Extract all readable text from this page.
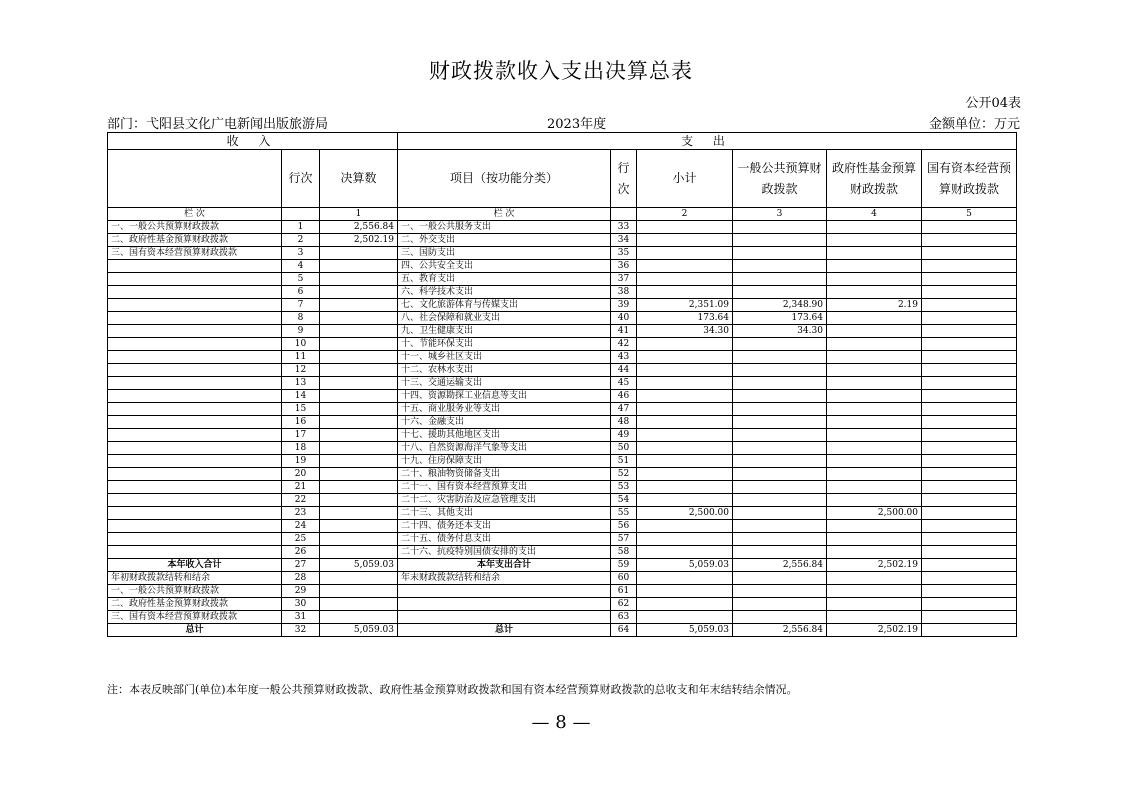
财政拨款收入支出决算总表
公开04表
部门：弋阳县文化广电新闻出版旅游局	2023年度	金额单位：万元
收 入			支 出					
	行次	决算数	项目（按功能分类）	行次	小计	一般公共预算财政拨款	政府性基金预算财政拨款	国有资本经营预算财政拨款
栏 次		1	栏 次		2	3	4	5
一、一般公共预算财政拨款	1	2,556.84	一、一般公共服务支出	33				
二、政府性基金预算财政拨款	2	2,502.19	二、外交支出	34				
三、国有资本经营预算财政拨款	3		三、国防支出	35				
	4		四、公共安全支出	36				
	5		五、教育支出	37				
	6		六、科学技术支出	38				
	7		七、文化旅游体育与传媒支出	39	2,351.09	2,348.90	2.19	
	8		八、社会保障和就业支出	40	173.64	173.64		
	9		九、卫生健康支出	41	34.30	34.30		
	10		十、节能环保支出	42				
	11		十一、城乡社区支出	43				
	12		十二、农林水支出	44				
	13		十三、交通运输支出	45				
	14		十四、资源勘探工业信息等支出	46				
	15		十五、商业服务业等支出	47				
	16		十六、金融支出	48				
	17		十七、援助其他地区支出	49				
	18		十八、自然资源海洋气象等支出	50				
	19		十九、住房保障支出	51				
	20		二十、粮油物资储备支出	52				
	21		二十一、国有资本经营预算支出	53				
	22		二十二、灾害防治及应急管理支出	54				
	23		二十三、其他支出	55	2,500.00		2,500.00	
	24		二十四、债务还本支出	56				
	25		二十五、债务付息支出	57				
	26		二十六、抗疫特别国债安排的支出	58				
本年收入合计	27	5,059.03	本年支出合计	59	5,059.03	2,556.84	2,502.19	
年初财政拨款结转和结余	28		年末财政拨款结转和结余	60				
一、一般公共预算财政拨款	29			61				
二、政府性基金预算财政拨款	30			62				
三、国有资本经营预算财政拨款	31			63				
总计	32	5,059.03	总计	64	5,059.03	2,556.84	2,502.19	
注：本表反映部门(单位)本年度一般公共预算财政拨款、政府性基金预算财政拨款和国有资本经营预算财政拨款的总收支和年末结转结余情况。
— 8 —
